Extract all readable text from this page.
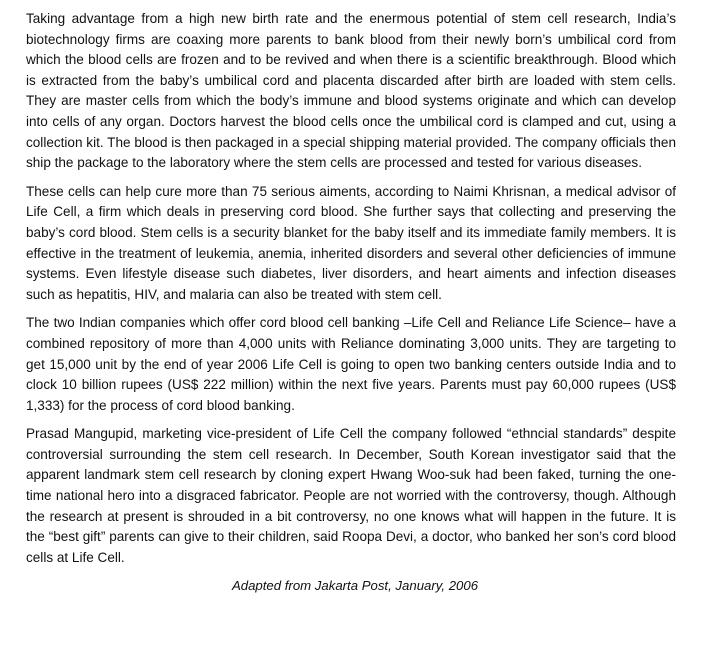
Taking advantage from a high new birth rate and the enermous potential of stem cell research, India’s biotechnology firms are coaxing more parents to bank blood from their newly born’s umbilical cord from which the blood cells are frozen and to be revived and when there is a scientific breakthrough. Blood which is extracted from the baby’s umbilical cord and placenta discarded after birth are loaded with stem cells. They are master cells from which the body’s immune and blood systems originate and which can develop into cells of any organ. Doctors harvest the blood cells once the umbilical cord is clamped and cut, using a collection kit. The blood is then packaged in a special shipping material provided. The company officials then ship the package to the laboratory where the stem cells are processed and tested for various diseases.

These cells can help cure more than 75 serious aiments, according to Naimi Khrisnan, a medical advisor of Life Cell, a firm which deals in preserving cord blood. She further says that collecting and preserving the baby’s cord blood. Stem cells is a security blanket for the baby itself and its immediate family members. It is effective in the treatment of leukemia, anemia, inherited disorders and several other deficiencies of immune systems. Even lifestyle disease such diabetes, liver disorders, and heart aiments and infection diseases such as hepatitis, HIV, and malaria can also be treated with stem cell.

The two Indian companies which offer cord blood cell banking –Life Cell and Reliance Life Science– have a combined repository of more than 4,000 units with Reliance dominating 3,000 units. They are targeting to get 15,000 unit by the end of year 2006 Life Cell is going to open two banking centers outside India and to clock 10 billion rupees (US$ 222 million) within the next five years. Parents must pay 60,000 rupees (US$ 1,333) for the process of cord blood banking.

Prasad Mangupid, marketing vice-president of Life Cell the company followed “ethncial standards” despite controversial surrounding the stem cell research. In December, South Korean investigator said that the apparent landmark stem cell research by cloning expert Hwang Woo-suk had been faked, turning the one-time national hero into a disgraced fabricator. People are not worried with the controversy, though. Although the research at present is shrouded in a bit controversy, no one knows what will happen in the future. It is the “best gift” parents can give to their children, said Roopa Devi, a doctor, who banked her son’s cord blood cells at Life Cell.

Adapted from Jakarta Post, January, 2006
